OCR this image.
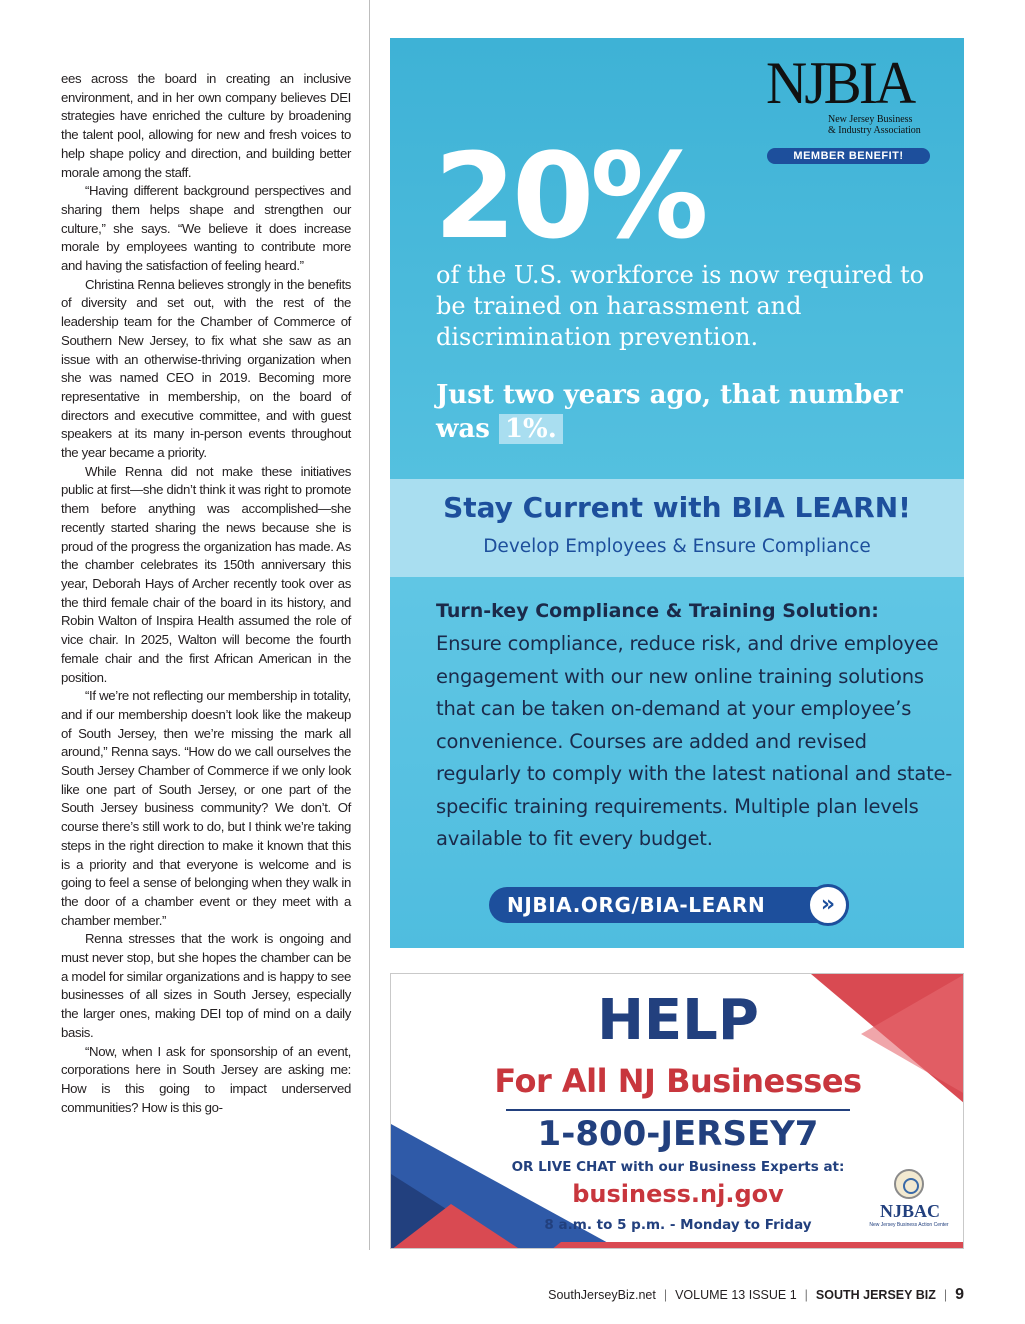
ees across the board in creating an inclusive environment, and in her own company believes DEI strategies have enriched the culture by broadening the talent pool, allowing for new and fresh voices to help shape policy and direction, and building better morale among the staff.

“Having different background perspectives and sharing them helps shape and strengthen our culture,” she says. “We believe it does increase morale by employees wanting to contribute more and having the satisfaction of feeling heard.”

Christina Renna believes strongly in the benefits of diversity and set out, with the rest of the leadership team for the Chamber of Commerce of Southern New Jersey, to fix what she saw as an issue with an otherwise-thriving organization when she was named CEO in 2019. Becoming more representative in membership, on the board of directors and executive committee, and with guest speakers at its many in-person events throughout the year became a priority.

While Renna did not make these initiatives public at first—she didn’t think it was right to promote them before anything was accomplished—she recently started sharing the news because she is proud of the progress the organization has made. As the chamber celebrates its 150th anniversary this year, Deborah Hays of Archer recently took over as the third female chair of the board in its history, and Robin Walton of Inspira Health assumed the role of vice chair. In 2025, Walton will become the fourth female chair and the first African American in the position.

“If we’re not reflecting our membership in totality, and if our membership doesn’t look like the makeup of South Jersey, then we’re missing the mark all around,” Renna says. “How do we call ourselves the South Jersey Chamber of Commerce if we only look like one part of South Jersey, or one part of the South Jersey business community? We don’t. Of course there’s still work to do, but I think we’re taking steps in the right direction to make it known that this is a priority and that everyone is welcome and is going to feel a sense of belonging when they walk in the door of a chamber event or they meet with a chamber member.”

Renna stresses that the work is ongoing and must never stop, but she hopes the chamber can be a model for similar organizations and is happy to see businesses of all sizes in South Jersey, especially the larger ones, making DEI top of mind on a daily basis.

“Now, when I ask for sponsorship of an event, corporations here in South Jersey are asking me: How is this going to impact underserved communities? How is this go-

NJBIA
New Jersey Business
& Industry Association
MEMBER BENEFIT!
20%
of the U.S. workforce is now required to be trained on harassment and discrimination prevention.
Just two years ago, that number was 1%.
Stay Current with BIA LEARN!
Develop Employees & Ensure Compliance
Turn-key Compliance & Training Solution:
Ensure compliance, reduce risk, and drive employee engagement with our new online training solutions that can be taken on-demand at your employee’s convenience. Courses are added and revised regularly to comply with the latest national and state-specific training requirements. Multiple plan levels available to fit every budget.
NJBIA.ORG/BIA-LEARN	»
HELP
For All NJ Businesses
1-800-JERSEY7
OR LIVE CHAT with our Business Experts at:
business.nj.gov
8 a.m. to 5 p.m. - Monday to Friday
NJBAC
New Jersey Business Action Center
SouthJerseyBiz.net | VOLUME 13 ISSUE 1 | SOUTH JERSEY BIZ | 9
